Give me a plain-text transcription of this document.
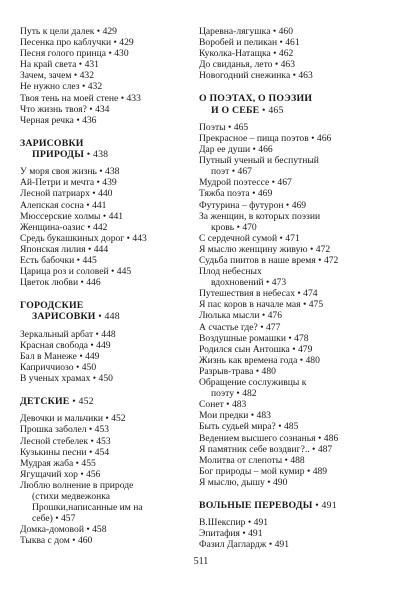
Путь к цели далек • 429
Песенка про каблучки • 429
Песня голого принца • 430
На край света • 431
Зачем, зачем • 432
Не нужно слез • 432
Твоя тень на моей стене • 433
Что жизнь твоя? • 434
Черная речка • 436
ЗАРИСОВКИ
ПРИРОДЫ • 438
У моря своя жизнь • 438
Ай-Петри и мечта • 439
Лесной патриарх • 440
Алепская сосна • 441
Мюссерские холмы • 441
Женщина-оазис • 442
Средь букашкиных дорог • 443
Японская лилия • 444
Есть бабочки • 445
Царица роз и соловей • 445
Цветок любви • 446
ГОРОДСКИЕ
ЗАРИСОВКИ • 448
Зеркальный арбат • 448
Красная свобода • 449
Бал в Манеже • 449
Каприччиозо • 450
В ученых храмах • 450
ДЕТСКИЕ • 452
Девочки и мальчики • 452
Прошка заболел • 453
Лесной стебелек • 453
Кузькины песни • 454
Мудрая жаба • 455
Ягущачий хор • 456
Люблю волнение в природе
(стихи медвежонка
Прошки,написанные им на
себе) • 457
Домка-домовой • 458
Тыква с дом • 460
Царевна-лягушка • 460
Воробей и пеликан • 461
Куколка-Натащка • 462
До свиданья, лето • 463
Новогодний снежинка • 463
О ПОЭТАХ, О ПОЭЗИИ
И О СЕБЕ • 465
Поэты • 465
Прекрасное – пища поэтов • 466
Дар ее души • 466
Путный ученый и беспутный
поэт • 467
Мудрой поэтессе • 467
Тяжба поэта • 469
Футурина – футурон • 469
За женщин, в которых поэзии
кровь • 470
С сердечной сумой • 471
Я мыслю женщину живую • 472
Судьба пиитов в наше время • 472
Плод небесных
вдохновений • 473
Путешествия в небесах • 474
Я пас коров в начале мая • 475
Люлька мысли • 476
А счастье где? • 477
Воздушные ромашки • 478
Родился сын Антошка • 479
Жизнь как времена года • 480
Разрыв-трава • 480
Обращение сослуживцы к
поэту • 482
Сонет • 483
Мои предки • 483
Быть судьей мира? • 485
Ведением высшего сознанья • 486
Я памятник себе воздвиг?.. • 487
Молитва от слепоты • 488
Бог природы – мой кумир • 489
Я мыслю, дышу • 490
ВОЛЬНЫЕ ПЕРЕВОДЫ • 491
В.Шекспир • 491
Эпитафия • 491
Фазил Даглардж • 491
511
